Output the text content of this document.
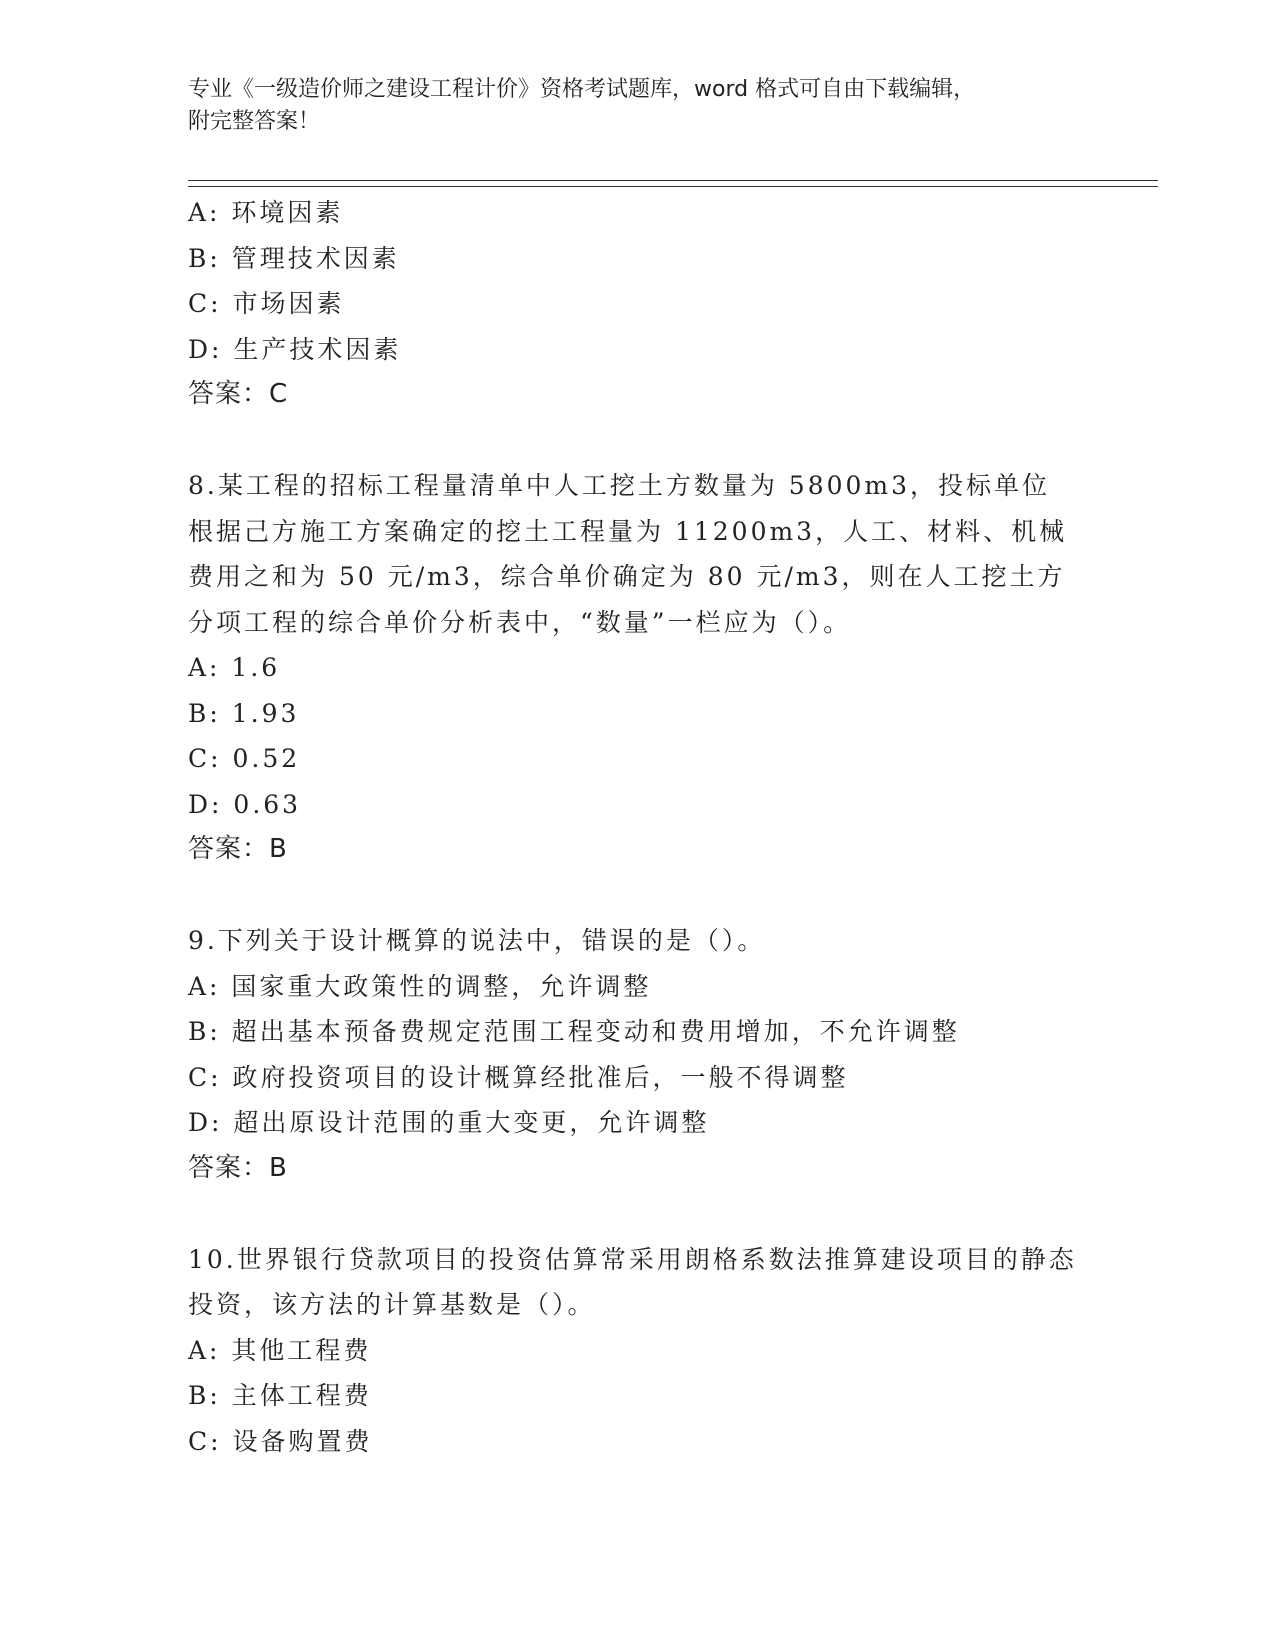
专业《一级造价师之建设工程计价》资格考试题库，word 格式可自由下载编辑，
附完整答案！
A: 环境因素
B: 管理技术因素
C: 市场因素
D: 生产技术因素
答案：C
8.某工程的招标工程量清单中人工挖土方数量为 5800m3，投标单位根据己方施工方案确定的挖土工程量为 11200m3，人工、材料、机械费用之和为 50 元/m3，综合单价确定为 80 元/m3，则在人工挖土方分项工程的综合单价分析表中，“数量”一栏应为（）。
A: 1.6
B: 1.93
C: 0.52
D: 0.63
答案：B
9.下列关于设计概算的说法中，错误的是（）。
A: 国家重大政策性的调整，允许调整
B: 超出基本预备费规定范围工程变动和费用增加，不允许调整
C: 政府投资项目的设计概算经批准后，一般不得调整
D: 超出原设计范围的重大变更，允许调整
答案：B
10.世界银行贷款项目的投资估算常采用朗格系数法推算建设项目的静态投资，该方法的计算基数是（）。
A: 其他工程费
B: 主体工程费
C: 设备购置费
